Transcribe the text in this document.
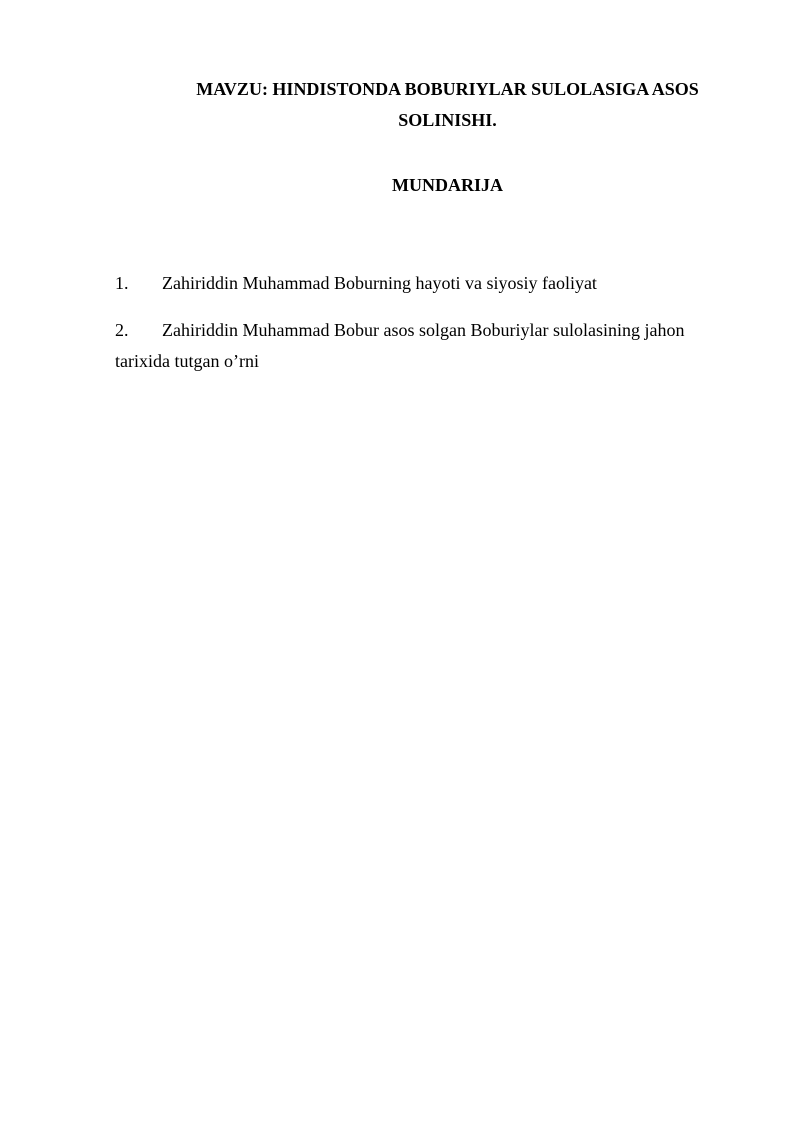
MAVZU: HINDISTONDA BOBURIYLAR SULOLASIGA ASOS
SOLINISHI.
MUNDARIJA
1. Zahiriddin Muhammad Boburning hayoti va siyosiy faoliyat
2. Zahiriddin Muhammad Bobur asos solgan Boburiylar sulolasining jahon tarixida tutgan o’rni
